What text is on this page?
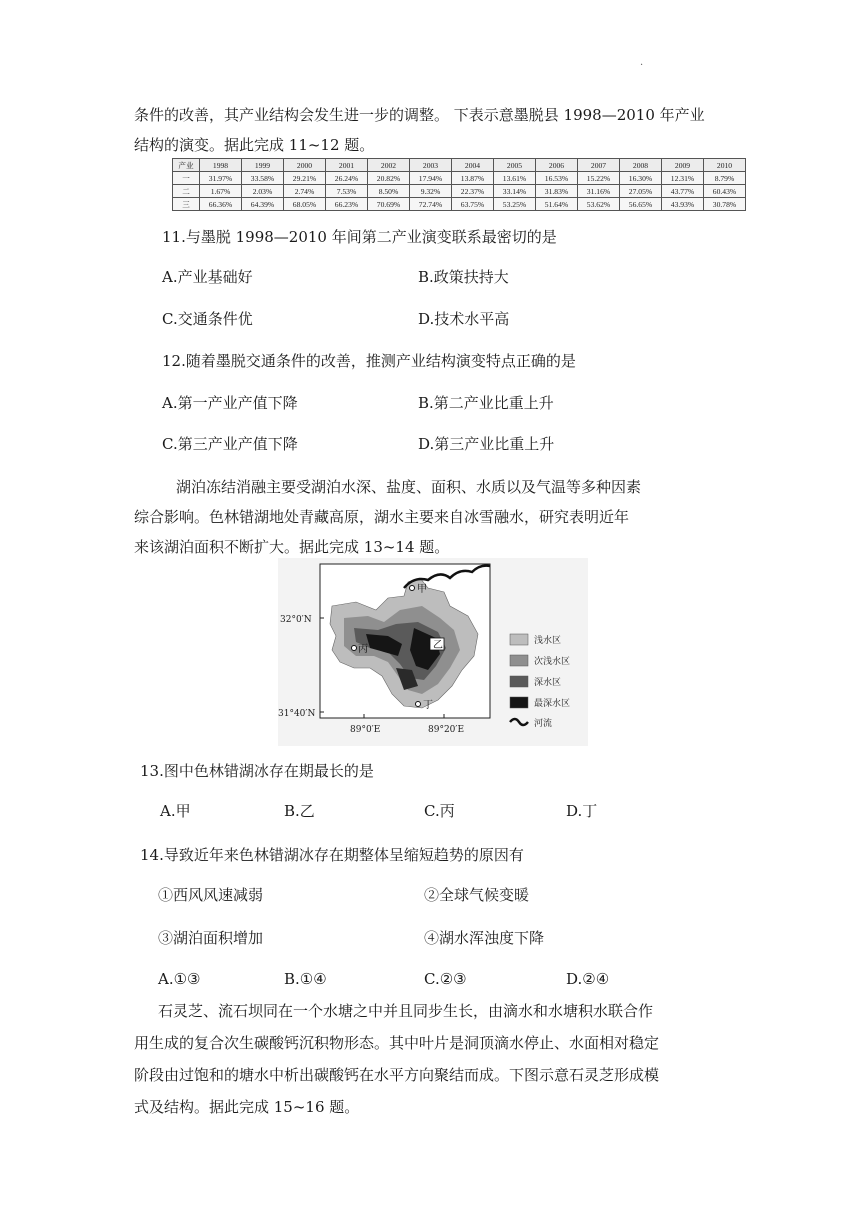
·
条件的改善，其产业结构会发生进一步的调整。 下表示意墨脱县 1998—2010 年产业
结构的演变。据此完成 11~12 题。
产业	1998	1999	2000	2001	2002	2003	2004	2005	2006	2007	2008	2009	2010
一	31.97%	33.58%	29.21%	26.24%	20.82%	17.94%	13.87%	13.61%	16.53%	15.22%	16.30%	12.31%	8.79%
二	1.67%	2.03%	2.74%	7.53%	8.50%	9.32%	22.37%	33.14%	31.83%	31.16%	27.05%	43.77%	60.43%
三	66.36%	64.39%	68.05%	66.23%	70.69%	72.74%	63.75%	53.25%	51.64%	53.62%	56.65%	43.93%	30.78%
11.与墨脱 1998—2010 年间第二产业演变联系最密切的是
A.产业基础好	B.政策扶持大
C.交通条件优	D.技术水平高
12.随着墨脱交通条件的改善，推测产业结构演变特点正确的是
A.第一产业产值下降	B.第二产业比重上升
C.第三产业产值下降	D.第三产业比重上升
湖泊冻结消融主要受湖泊水深、盐度、面积、水质以及气温等多种因素
综合影响。色林错湖地处青藏高原，湖水主要来自冰雪融水，研究表明近年
来该湖泊面积不断扩大。据此完成 13~14 题。
甲
乙
丙
丁
32°0′N
31°40′N
89°0′E	89°20′E
浅水区
次浅水区
深水区
最深水区
河流
13.图中色林错湖冰存在期最长的是
A.甲	B.乙	C.丙	D.丁
14.导致近年来色林错湖冰存在期整体呈缩短趋势的原因有
①西风风速减弱	②全球气候变暖
③湖泊面积增加	④湖水浑浊度下降
A.①③	B.①④	C.②③	D.②④
石灵芝、流石坝同在一个水塘之中并且同步生长，由滴水和水塘积水联合作
用生成的复合次生碳酸钙沉积物形态。其中叶片是洞顶滴水停止、水面相对稳定
阶段由过饱和的塘水中析出碳酸钙在水平方向聚结而成。下图示意石灵芝形成模
式及结构。据此完成 15~16 题。
